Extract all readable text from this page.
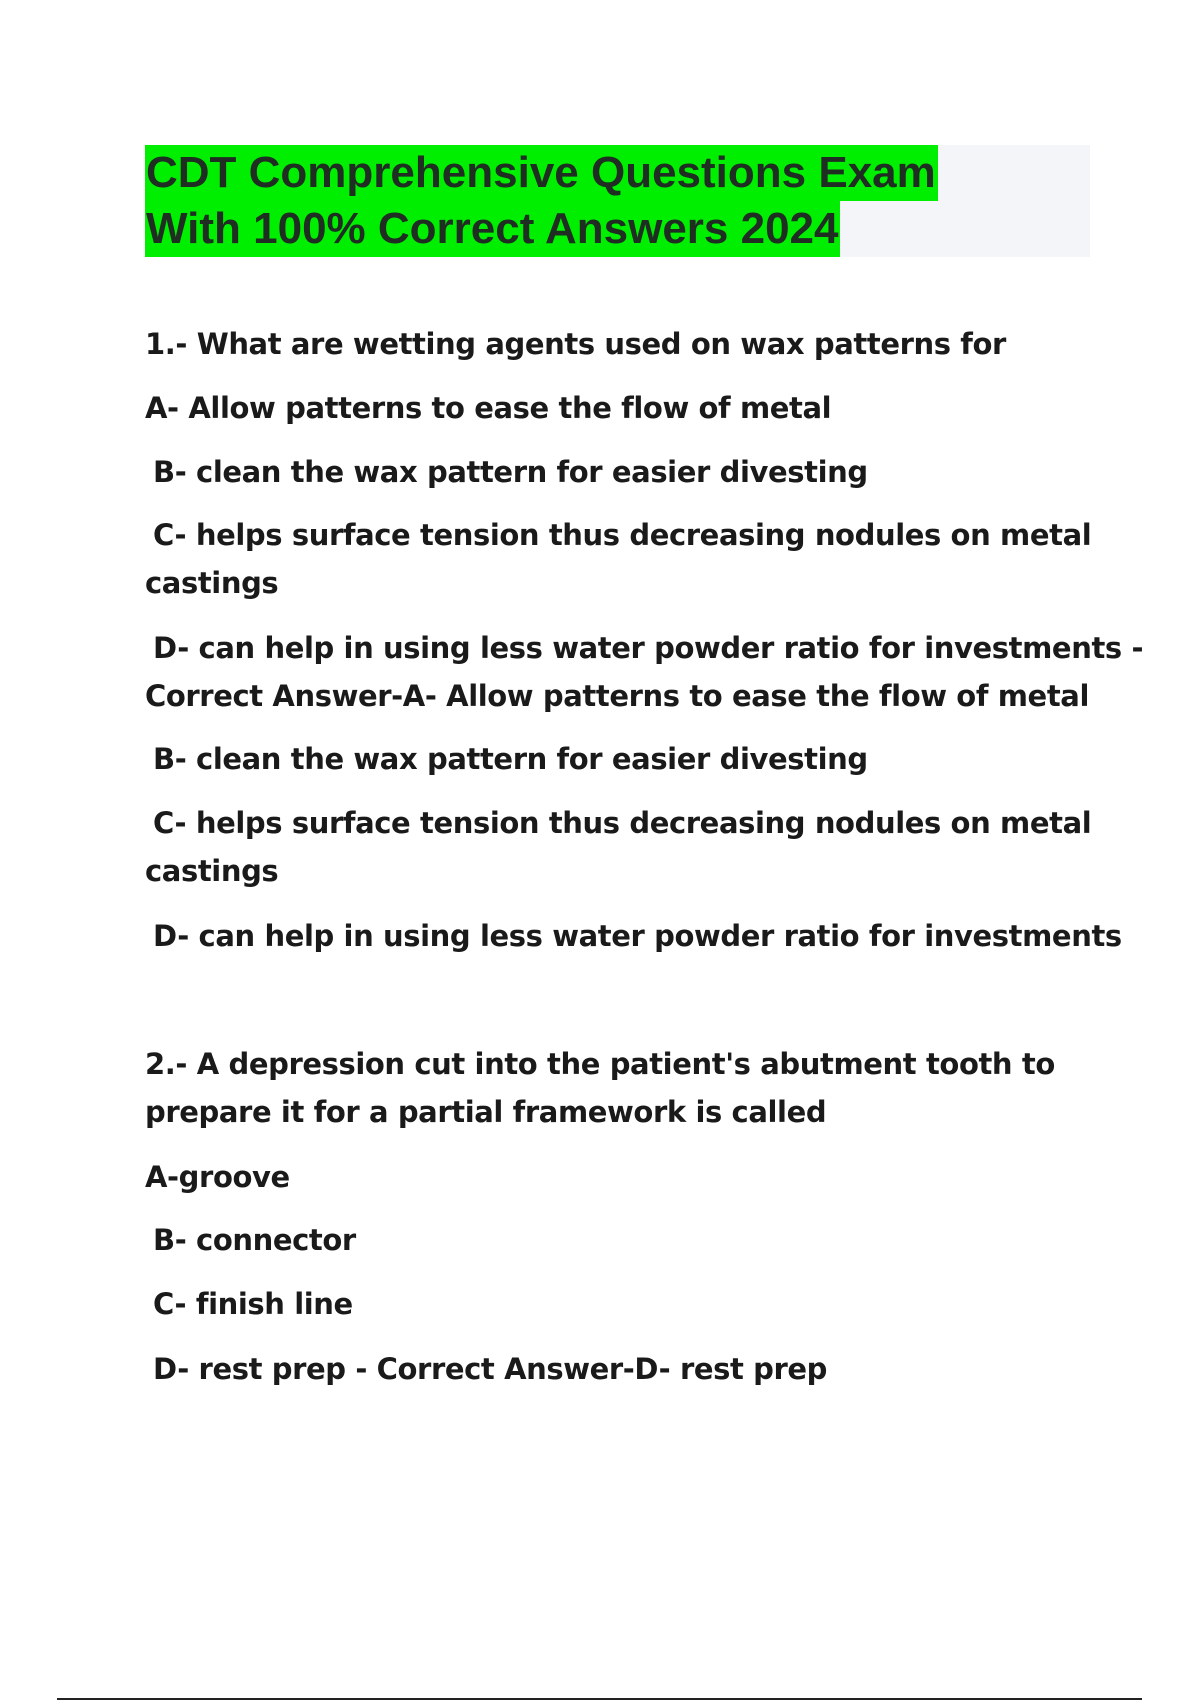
CDT Comprehensive Questions Exam
With 100% Correct Answers 2024
1.- What are wetting agents used on wax patterns for
A- Allow patterns to ease the flow of metal
B- clean the wax pattern for easier divesting
C- helps surface tension thus decreasing nodules on metal
castings
D- can help in using less water powder ratio for investments -
Correct Answer-A- Allow patterns to ease the flow of metal
B- clean the wax pattern for easier divesting
C- helps surface tension thus decreasing nodules on metal
castings
D- can help in using less water powder ratio for investments
2.- A depression cut into the patient's abutment tooth to
prepare it for a partial framework is called
A-groove
B- connector
C- finish line
D- rest prep - Correct Answer-D- rest prep
